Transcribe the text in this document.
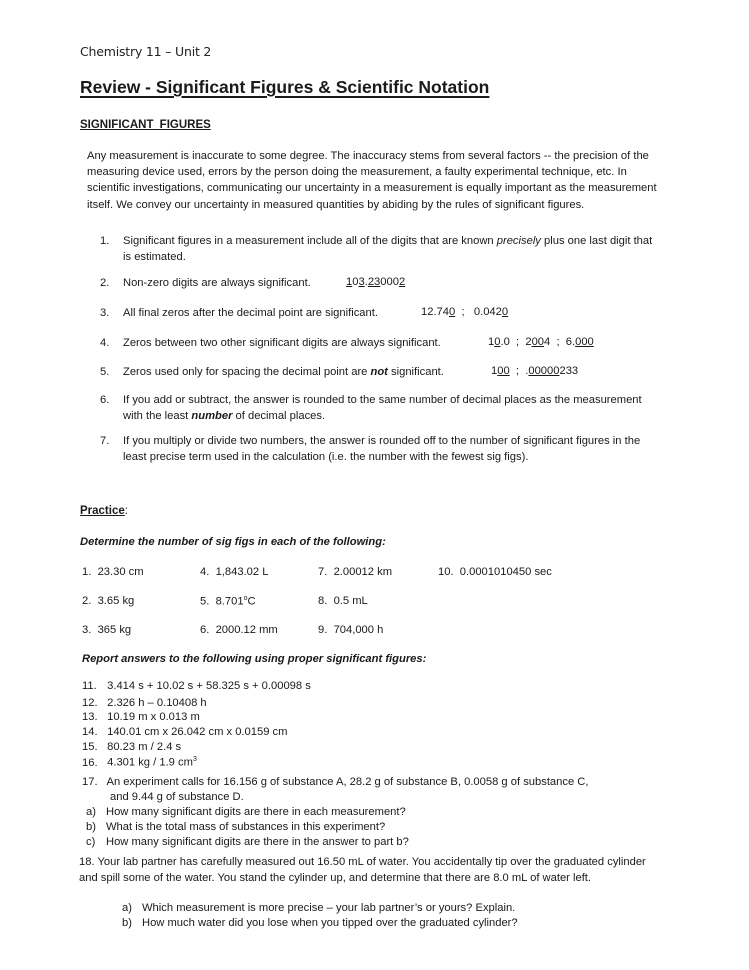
Chemistry 11 – Unit 2
Review - Significant Figures & Scientific Notation
SIGNIFICANT FIGURES
Any measurement is inaccurate to some degree. The inaccuracy stems from several factors -- the precision of the measuring device used, errors by the person doing the measurement, a faulty experimental technique, etc. In scientific investigations, communicating our uncertainty in a measurement is equally important as the measurement itself. We convey our uncertainty in measured quantities by abiding by the rules of significant figures.
1.	Significant figures in a measurement include all of the digits that are known precisely plus one last digit that is estimated.
2.	Non-zero digits are always significant.	103.230002
3.	All final zeros after the decimal point are significant.	12.740  ;   0.0420
4.	Zeros between two other significant digits are always significant.	10.0  ;  2004  ;  6.000
5.	Zeros used only for spacing the decimal point are not significant.	100  ;  .00000233
6.	If you add or subtract, the answer is rounded to the same number of decimal places as the measurement with the least number of decimal places.
7.	If you multiply or divide two numbers, the answer is rounded off to the number of significant figures in the least precise term used in the calculation (i.e. the number with the fewest sig figs).
Practice:
Determine the number of sig figs in each of the following:
1. 23.30 cm
2. 3.65 kg
3. 365 kg
4. 1,843.02 L
5. 8.701$^o$C
6. 2000.12 mm
7. 2.00012 km
8. 0.5 mL
9. 704,000 h
10. 0.0001010450 sec
Report answers to the following using proper significant figures:
11. 3.414 s + 10.02 s + 58.325 s + 0.00098 s
12. 2.326 h – 0.10408 h
13. 10.19 m x 0.013 m
14. 140.01 cm x 26.042 cm x 0.0159 cm
15. 80.23 m / 2.4 s
16. 4.301 kg / 1.9 $cm^3$
17. An experiment calls for 16.156 g of substance A, 28.2 g of substance B, 0.0058 g of substance C,
and 9.44 g of substance D.
a) How many significant digits are there in each measurement?
b) What is the total mass of substances in this experiment?
c) How many significant digits are there in the answer to part b?
18. Your lab partner has carefully measured out 16.50 mL of water. You accidentally tip over the graduated cylinder and spill some of the water. You stand the cylinder up, and determine that there are 8.0 mL of water left.
a) Which measurement is more precise – your lab partner’s or yours? Explain.
b) How much water did you lose when you tipped over the graduated cylinder?
